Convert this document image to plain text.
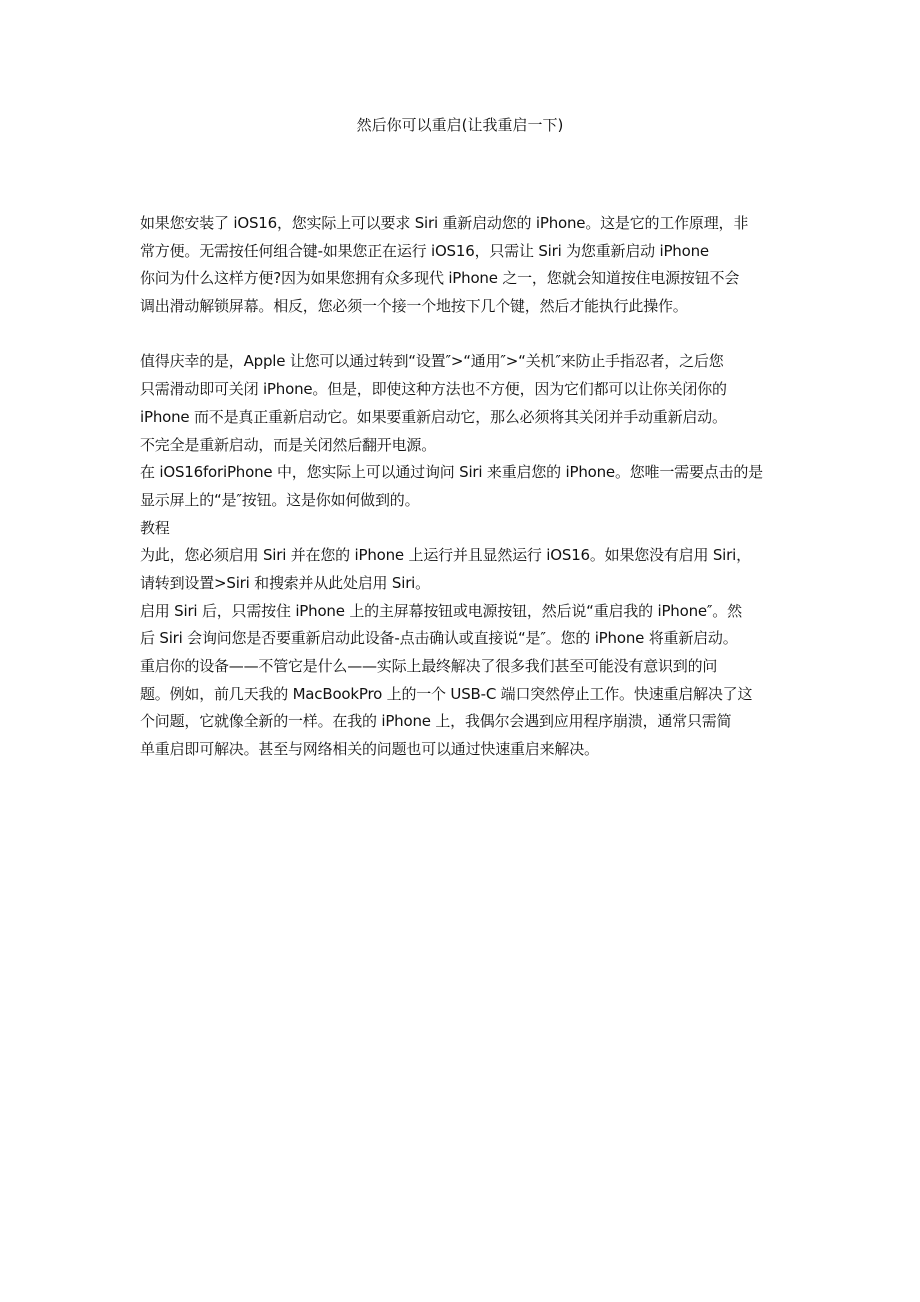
然后你可以重启(让我重启一下)
如果您安装了 iOS16，您实际上可以要求 Siri 重新启动您的 iPhone。这是它的工作原理，非
常方便。无需按任何组合键-如果您正在运行 iOS16，只需让 Siri 为您重新启动 iPhone
你问为什么这样方便?因为如果您拥有众多现代 iPhone 之一，您就会知道按住电源按钮不会
调出滑动解锁屏幕。相反，您必须一个接一个地按下几个键，然后才能执行此操作。
值得庆幸的是，Apple 让您可以通过转到“设置″>“通用″>“关机″来防止手指忍者，之后您
只需滑动即可关闭 iPhone。但是，即使这种方法也不方便，因为它们都可以让你关闭你的
iPhone 而不是真正重新启动它。如果要重新启动它，那么必须将其关闭并手动重新启动。
不完全是重新启动，而是关闭然后翻开电源。
在 iOS16foriPhone 中，您实际上可以通过询问 Siri 来重启您的 iPhone。您唯一需要点击的是
显示屏上的“是″按钮。这是你如何做到的。
教程
为此，您必须启用 Siri 并在您的 iPhone 上运行并且显然运行 iOS16。如果您没有启用 Siri，
请转到设置>Siri 和搜索并从此处启用 Siri。
启用 Siri 后，只需按住 iPhone 上的主屏幕按钮或电源按钮，然后说“重启我的 iPhone″。然
后 Siri 会询问您是否要重新启动此设备-点击确认或直接说“是″。您的 iPhone 将重新启动。
重启你的设备——不管它是什么——实际上最终解决了很多我们甚至可能没有意识到的问
题。例如，前几天我的 MacBookPro 上的一个 USB-C 端口突然停止工作。快速重启解决了这
个问题，它就像全新的一样。在我的 iPhone 上，我偶尔会遇到应用程序崩溃，通常只需简
单重启即可解决。甚至与网络相关的问题也可以通过快速重启来解决。
